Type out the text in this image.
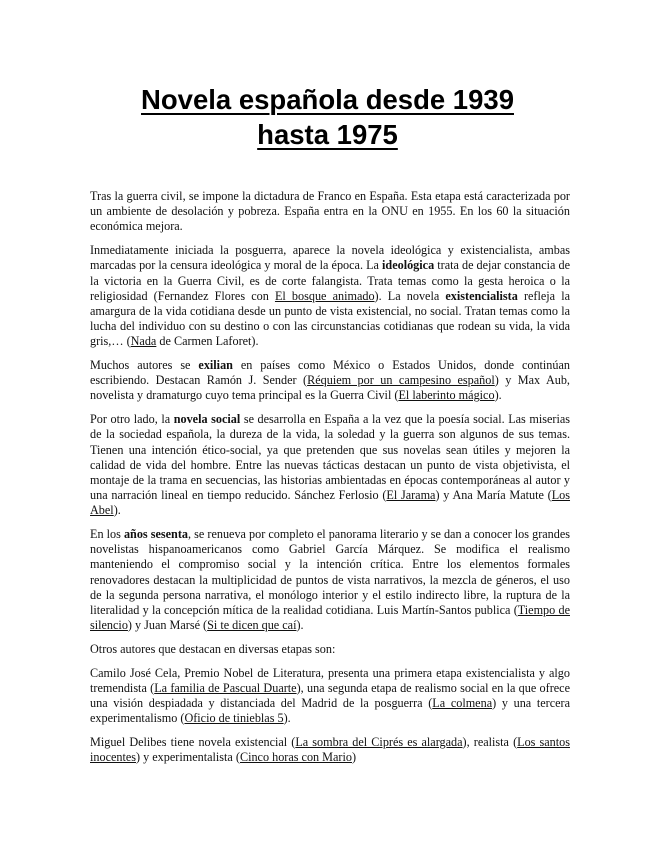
Novela española desde 1939
hasta 1975

Tras la guerra civil, se impone la dictadura de Franco en España. Esta etapa está caracterizada por un ambiente de desolación y pobreza. España entra en la ONU en 1955. En los 60 la situación económica mejora.

Inmediatamente iniciada la posguerra, aparece la novela ideológica y existencialista, ambas marcadas por la censura ideológica y moral de la época. La ideológica trata de dejar constancia de la victoria en la Guerra Civil, es de corte falangista. Trata temas como la gesta heroica o la religiosidad (Fernandez Flores con El bosque animado). La novela existencialista refleja la amargura de la vida cotidiana desde un punto de vista existencial, no social. Tratan temas como la lucha del individuo con su destino o con las circunstancias cotidianas que rodean su vida, la vida gris,… (Nada de Carmen Laforet).

Muchos autores se exilian en países como México o Estados Unidos, donde continúan escribiendo. Destacan Ramón J. Sender (Réquiem por un campesino español) y Max Aub, novelista y dramaturgo cuyo tema principal es la Guerra Civil (El laberinto mágico).

Por otro lado, la novela social se desarrolla en España a la vez que la poesía social. Las miserias de la sociedad española, la dureza de la vida, la soledad y la guerra son algunos de sus temas. Tienen una intención ético-social, ya que pretenden que sus novelas sean útiles y mejoren la calidad de vida del hombre. Entre las nuevas tácticas destacan un punto de vista objetivista, el montaje de la trama en secuencias, las historias ambientadas en épocas contemporáneas al autor y una narración lineal en tiempo reducido. Sánchez Ferlosio (El Jarama) y Ana María Matute (Los Abel).

En los años sesenta, se renueva por completo el panorama literario y se dan a conocer los grandes novelistas hispanoamericanos como Gabriel García Márquez. Se modifica el realismo manteniendo el compromiso social y la intención crítica. Entre los elementos formales renovadores destacan la multiplicidad de puntos de vista narrativos, la mezcla de géneros, el uso de la segunda persona narrativa, el monólogo interior y el estilo indirecto libre, la ruptura de la literalidad y la concepción mítica de la realidad cotidiana. Luis Martín-Santos publica (Tiempo de silencio) y Juan Marsé (Si te dicen que caí).

Otros autores que destacan en diversas etapas son:

Camilo José Cela, Premio Nobel de Literatura, presenta una primera etapa existencialista y algo tremendista (La familia de Pascual Duarte), una segunda etapa de realismo social en la que ofrece una visión despiadada y distanciada del Madrid de la posguerra (La colmena) y una tercera experimentalismo (Oficio de tinieblas 5).

Miguel Delibes tiene novela existencial (La sombra del Ciprés es alargada), realista (Los santos inocentes) y experimentalista (Cinco horas con Mario)
